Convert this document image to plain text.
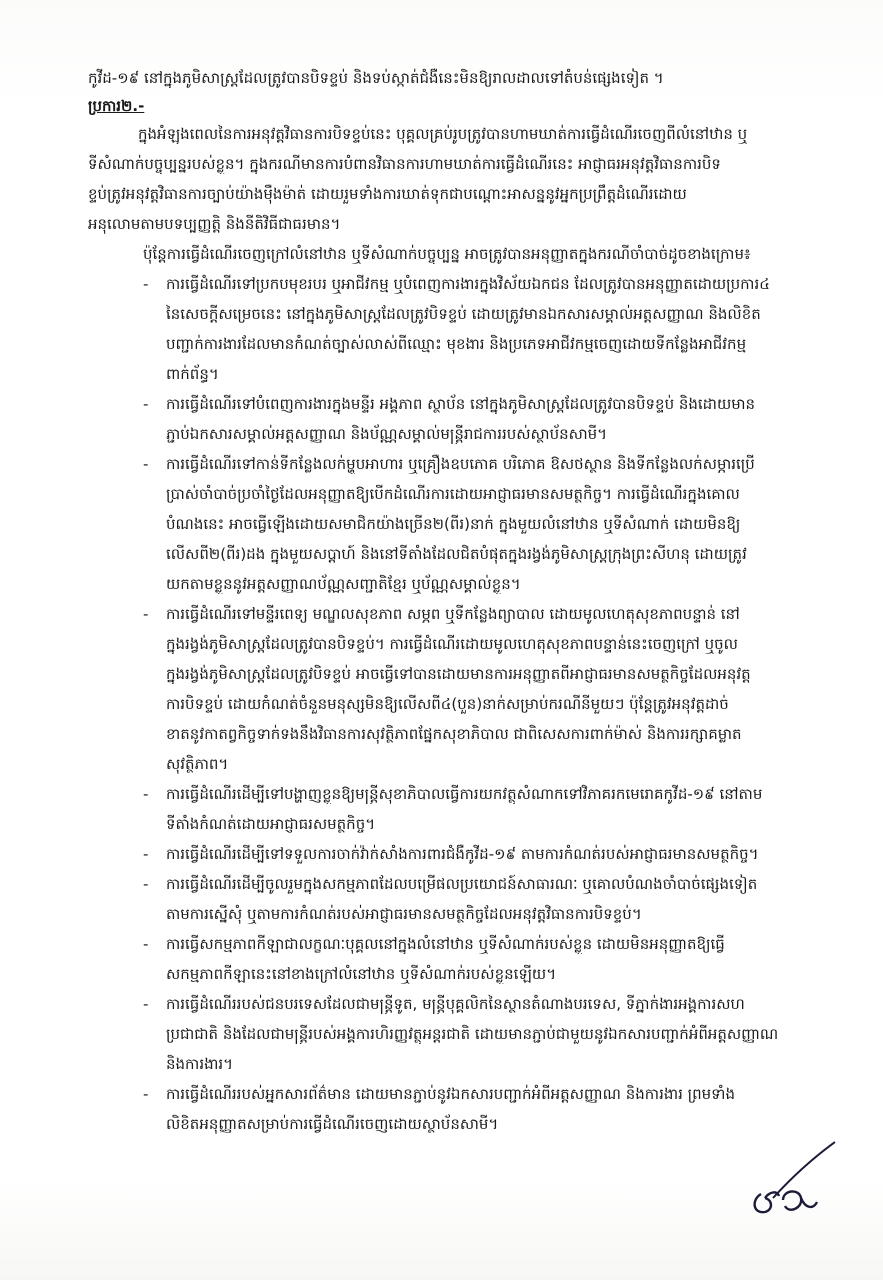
កូវីដ-១៩ នៅក្នុងភូមិសាស្ត្រដែលត្រូវបានបិទខ្ទប់ និងទប់ស្កាត់ជំងឺនេះមិនឱ្យរាលដាលទៅតំបន់ផ្សេងទៀត ។

ប្រការ២.-

ក្នុងអំឡុងពេលនៃការអនុវត្តវិធានការបិទខ្ទប់នេះ បុគ្គលគ្រប់រូបត្រូវបានហាមឃាត់ការធ្វើដំណើរចេញពីលំនៅឋាន ឬ

ទីសំណាក់បច្ចុប្បន្នរបស់ខ្លួន។ ក្នុងករណីមានការបំពានវិធានការហាមឃាត់ការធ្វើដំណើរនេះ អាជ្ញាធរអនុវត្តវិធានការបិទ

ខ្ទប់ត្រូវអនុវត្តវិធានការច្បាប់យ៉ាងម៉ឺងម៉ាត់ ដោយរួមទាំងការឃាត់ទុកជាបណ្តោះអាសន្ននូវអ្នកប្រព្រឹត្តដំណើរដោយ

អនុលោមតាមបទប្បញ្ញត្តិ និងនីតិវិធីជាធរមាន។

ប៉ុន្តែការធ្វើដំណើរចេញក្រៅលំនៅឋាន ឬទីសំណាក់បច្ចុប្បន្ន អាចត្រូវបានអនុញ្ញាតក្នុងករណីចាំបាច់ដូចខាងក្រោម៖

- ការធ្វើដំណើរទៅប្រកបមុខរបរ ឬអាជីវកម្ម ឬបំពេញការងារក្នុងវិស័យឯកជន ដែលត្រូវបានអនុញ្ញាតដោយប្រការ៤

នៃសេចក្តីសម្រេចនេះ នៅក្នុងភូមិសាស្ត្រដែលត្រូវបិទខ្ទប់ ដោយត្រូវមានឯកសារសម្គាល់អត្តសញ្ញាណ និងលិខិត

បញ្ជាក់ការងារដែលមានកំណត់ច្បាស់លាស់ពីឈ្មោះ មុខងារ និងប្រភេទអាជីវកម្មចេញដោយទីកន្លែងអាជីវកម្ម

ពាក់ព័ន្ធ។

- ការធ្វើដំណើរទៅបំពេញការងារក្នុងមន្ទីរ អង្គភាព ស្ថាប័ន នៅក្នុងភូមិសាស្ត្រដែលត្រូវបានបិទខ្ទប់ និងដោយមាន

ភ្ជាប់ឯកសារសម្គាល់អត្តសញ្ញាណ និងប័ណ្ណសម្គាល់មន្ត្រីរាជការរបស់ស្ថាប័នសាមី។

- ការធ្វើដំណើរទៅកាន់ទីកន្លែងលក់ម្ហូបអាហារ ឬគ្រឿងឧបភោគ បរិភោគ ឱសថស្ថាន និងទីកន្លែងលក់សម្ភារប្រើ

ប្រាស់ចាំបាច់ប្រចាំថ្ងៃដែលអនុញ្ញាតឱ្យបើកដំណើរការដោយអាជ្ញាធរមានសមត្ថកិច្ច។ ការធ្វើដំណើរក្នុងគោល

បំណងនេះ អាចធ្វើឡើងដោយសមាជិកយ៉ាងច្រើន២(ពីរ)នាក់ ក្នុងមួយលំនៅឋាន ឬទីសំណាក់ ដោយមិនឱ្យ

លើសពី២(ពីរ)ដង ក្នុងមួយសប្តាហ៍ និងនៅទីតាំងដែលជិតបំផុតក្នុងរង្វង់ភូមិសាស្ត្រក្រុងព្រះសីហនុ ដោយត្រូវ

យកតាមខ្លួននូវអត្តសញ្ញាណប័ណ្ណសញ្ជាតិខ្មែរ ឬប័ណ្ណសម្គាល់ខ្លួន។

- ការធ្វើដំណើរទៅមន្ទីរពេទ្យ មណ្ឌលសុខភាព សម្ភព ឬទីកន្លែងព្យាបាល ដោយមូលហេតុសុខភាពបន្ទាន់ នៅ

ក្នុងរង្វង់ភូមិសាស្ត្រដែលត្រូវបានបិទខ្ទប់។ ការធ្វើដំណើរដោយមូលហេតុសុខភាពបន្ទាន់នេះចេញក្រៅ ឬចូល

ក្នុងរង្វង់ភូមិសាស្ត្រដែលត្រូវបិទខ្ទប់ អាចធ្វើទៅបានដោយមានការអនុញ្ញាតពីអាជ្ញាធរមានសមត្ថកិច្ចដែលអនុវត្ត

ការបិទខ្ទប់ ដោយកំណត់ចំនួនមនុស្សមិនឱ្យលើសពី៤(បួន)នាក់សម្រាប់ករណីនីមួយៗ ប៉ុន្តែត្រូវអនុវត្តដាច់

ខាតនូវកាតព្វកិច្ចទាក់ទងនឹងវិធានការសុវត្ថិភាពផ្នែកសុខាភិបាល ជាពិសេសការពាក់ម៉ាស់ និងការរក្សាគម្លាត

សុវត្ថិភាព។

- ការធ្វើដំណើរដើម្បីទៅបង្ហាញខ្លួនឱ្យមន្ត្រីសុខាភិបាលធ្វើការយកវត្ថុសំណាកទៅវិភាគរកមេរោគកូវីដ-១៩ នៅតាម

ទីតាំងកំណត់ដោយអាជ្ញាធរសមត្ថកិច្ច។

- ការធ្វើដំណើរដើម្បីទៅទទួលការចាក់វ៉ាក់សាំងការពារជំងឺកូវីដ-១៩ តាមការកំណត់របស់អាជ្ញាធរមានសមត្ថកិច្ច។

- ការធ្វើដំណើរដើម្បីចូលរួមក្នុងសកម្មភាពដែលបម្រើផលប្រយោជន៍សាធារណៈ ឬគោលបំណងចាំបាច់ផ្សេងទៀត

តាមការស្នើសុំ ឬតាមការកំណត់របស់អាជ្ញាធរមានសមត្ថកិច្ចដែលអនុវត្តវិធានការបិទខ្ទប់។

- ការធ្វើសកម្មភាពកីឡាជាលក្ខណៈបុគ្គលនៅក្នុងលំនៅឋាន ឬទីសំណាក់របស់ខ្លួន ដោយមិនអនុញ្ញាតឱ្យធ្វើ

សកម្មភាពកីឡានេះនៅខាងក្រៅលំនៅឋាន ឬទីសំណាក់របស់ខ្លួនឡើយ។

- ការធ្វើដំណើររបស់ជនបរទេសដែលជាមន្ត្រីទូត, មន្ត្រីបុគ្គលិកនៃស្ថានតំណាងបរទេស, ទីភ្នាក់ងារអង្គការសហ

ប្រជាជាតិ និងដែលជាមន្ត្រីរបស់អង្គការហិរញ្ញវត្ថុអន្តរជាតិ ដោយមានភ្ជាប់ជាមួយនូវឯកសារបញ្ជាក់អំពីអត្តសញ្ញាណ

និងការងារ។

- ការធ្វើដំណើររបស់អ្នកសារព័ត៌មាន ដោយមានភ្ជាប់នូវឯកសារបញ្ជាក់អំពីអត្តសញ្ញាណ និងការងារ ព្រមទាំង

លិខិតអនុញ្ញាតសម្រាប់ការធ្វើដំណើរចេញដោយស្ថាប័នសាមី។
